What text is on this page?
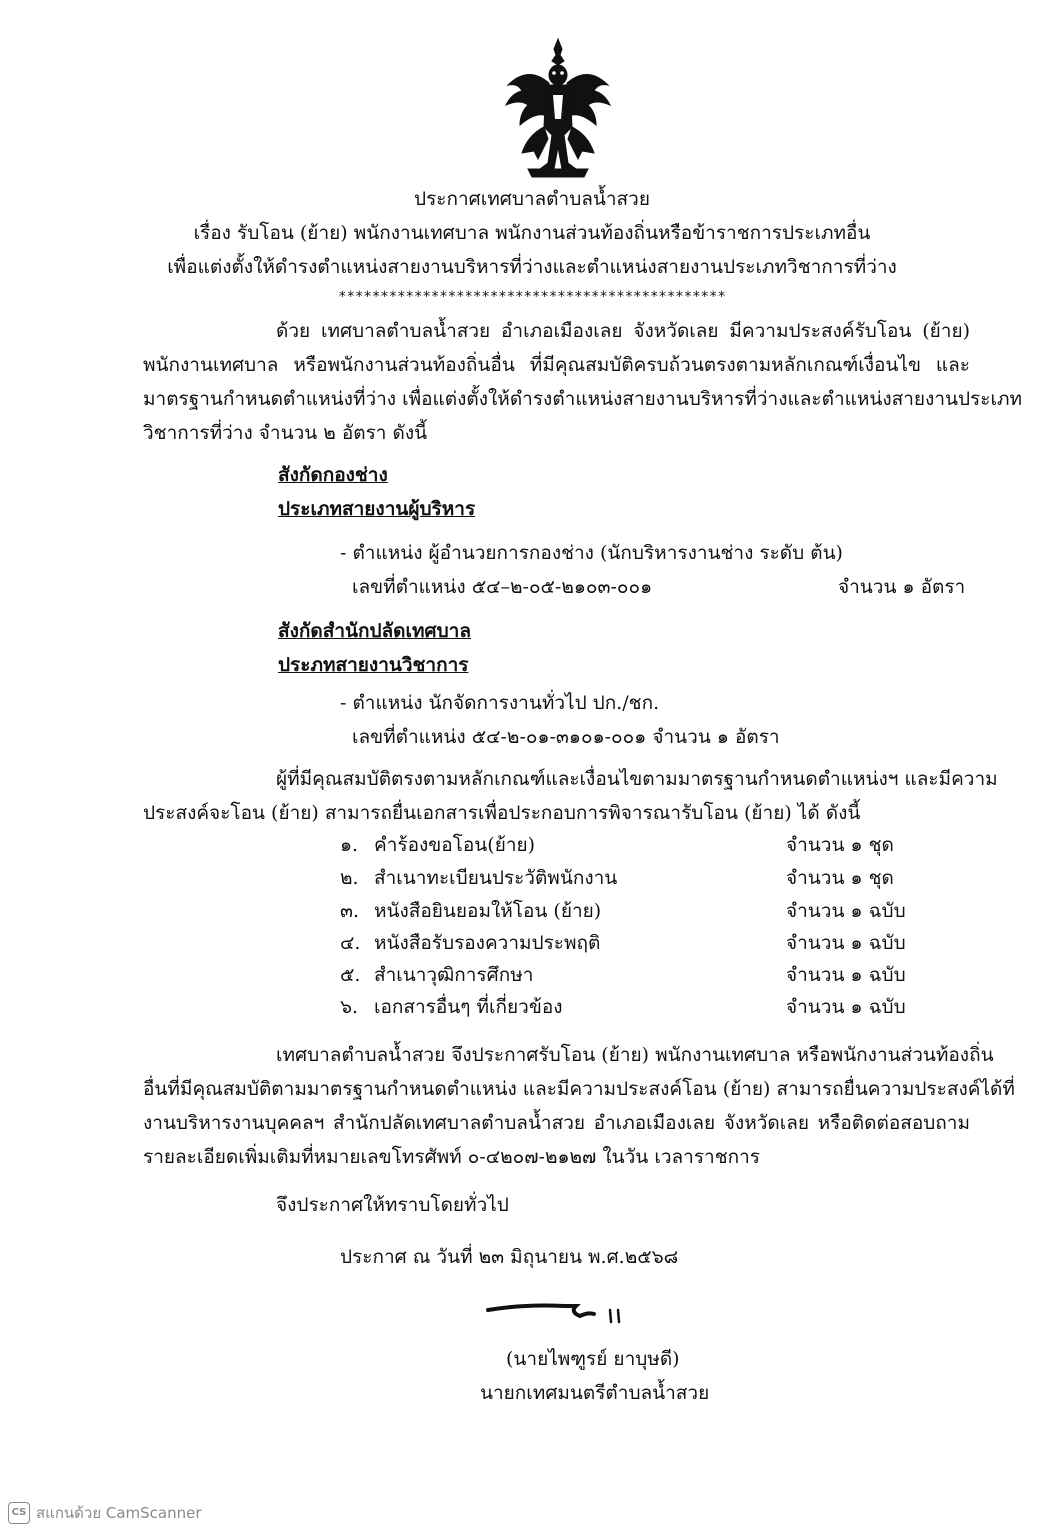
ประกาศเทศบาลตำบลน้ำสวย
เรื่อง รับโอน (ย้าย) พนักงานเทศบาล พนักงานส่วนท้องถิ่นหรือข้าราชการประเภทอื่น
เพื่อแต่งตั้งให้ดำรงตำแหน่งสายงานบริหารที่ว่างและตำแหน่งสายงานประเภทวิชาการที่ว่าง
**********************************************
ด้วย เทศบาลตำบลน้ำสวย อำเภอเมืองเลย จังหวัดเลย มีความประสงค์รับโอน (ย้าย)
พนักงานเทศบาล หรือพนักงานส่วนท้องถิ่นอื่น ที่มีคุณสมบัติครบถ้วนตรงตามหลักเกณฑ์เงื่อนไข และ
มาตรฐานกำหนดตำแหน่งที่ว่าง เพื่อแต่งตั้งให้ดำรงตำแหน่งสายงานบริหารที่ว่างและตำแหน่งสายงานประเภท
วิชาการที่ว่าง จำนวน ๒ อัตรา ดังนี้
สังกัดกองช่าง
ประเภทสายงานผู้บริหาร
- ตำแหน่ง ผู้อำนวยการกองช่าง (นักบริหารงานช่าง ระดับ ต้น)
เลขที่ตำแหน่ง ๕๔–๒-๐๕-๒๑๐๓-๐๐๑	จำนวน ๑ อัตรา
สังกัดสำนักปลัดเทศบาล
ประภทสายงานวิชาการ
- ตำแหน่ง นักจัดการงานทั่วไป ปก./ชก.
เลขที่ตำแหน่ง ๕๔-๒-๐๑-๓๑๐๑-๐๐๑ จำนวน ๑ อัตรา
ผู้ที่มีคุณสมบัติตรงตามหลักเกณฑ์และเงื่อนไขตามมาตรฐานกำหนดตำแหน่งฯ และมีความ
ประสงค์จะโอน (ย้าย) สามารถยื่นเอกสารเพื่อประกอบการพิจารณารับโอน (ย้าย) ได้ ดังนี้
๑. คำร้องขอโอน(ย้าย)	จำนวน ๑ ชุด
๒. สำเนาทะเบียนประวัติพนักงาน	จำนวน ๑ ชุด
๓. หนังสือยินยอมให้โอน (ย้าย)	จำนวน ๑ ฉบับ
๔. หนังสือรับรองความประพฤติ	จำนวน ๑ ฉบับ
๕. สำเนาวุฒิการศึกษา	จำนวน ๑ ฉบับ
๖. เอกสารอื่นๆ ที่เกี่ยวข้อง	จำนวน ๑ ฉบับ
เทศบาลตำบลน้ำสวย จึงประกาศรับโอน (ย้าย) พนักงานเทศบาล หรือพนักงานส่วนท้องถิ่น
อื่นที่มีคุณสมบัติตามมาตรฐานกำหนดตำแหน่ง และมีความประสงค์โอน (ย้าย) สามารถยื่นความประสงค์ได้ที่
งานบริหารงานบุคคลฯ สำนักปลัดเทศบาลตำบลน้ำสวย อำเภอเมืองเลย จังหวัดเลย หรือติดต่อสอบถาม
รายละเอียดเพิ่มเติมที่หมายเลขโทรศัพท์ ๐-๔๒๐๗-๒๑๒๗ ในวัน เวลาราชการ
จึงประกาศให้ทราบโดยทั่วไป
ประกาศ ณ วันที่ ๒๓ มิถุนายน พ.ศ.๒๕๖๘
(นายไพฑูรย์ ยาบุษดี)
นายกเทศมนตรีตำบลน้ำสวย
CS สแกนด้วย CamScanner
